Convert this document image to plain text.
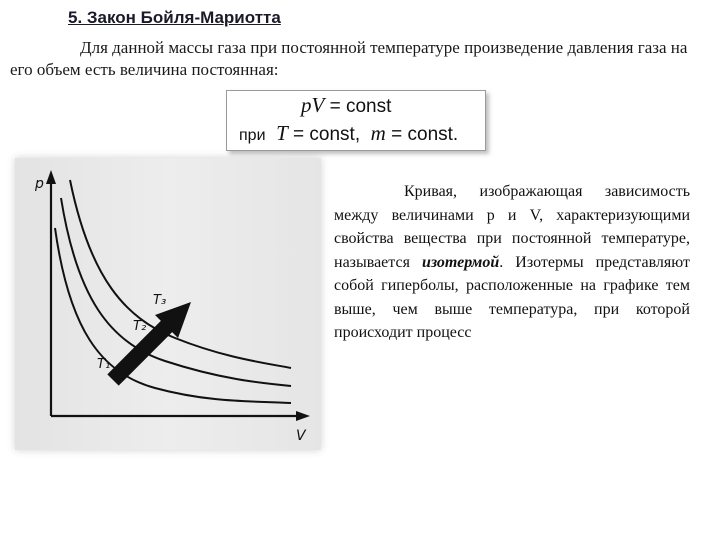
5. Закон Бойля-Мариотта

Для данной массы газа при постоянной температуре произведение давления газа на его объем есть величина постоянная:

pV = const
при T = const, m = const.
p
V
T₃
T₂
T₁

Кривая, изображающая зависимость между величинами p и V, характеризующими свойства вещества при постоянной температуре, называется изотермой. Изотермы представляют собой гиперболы, расположенные на графике тем выше, чем выше температура, при которой происходит процесс
